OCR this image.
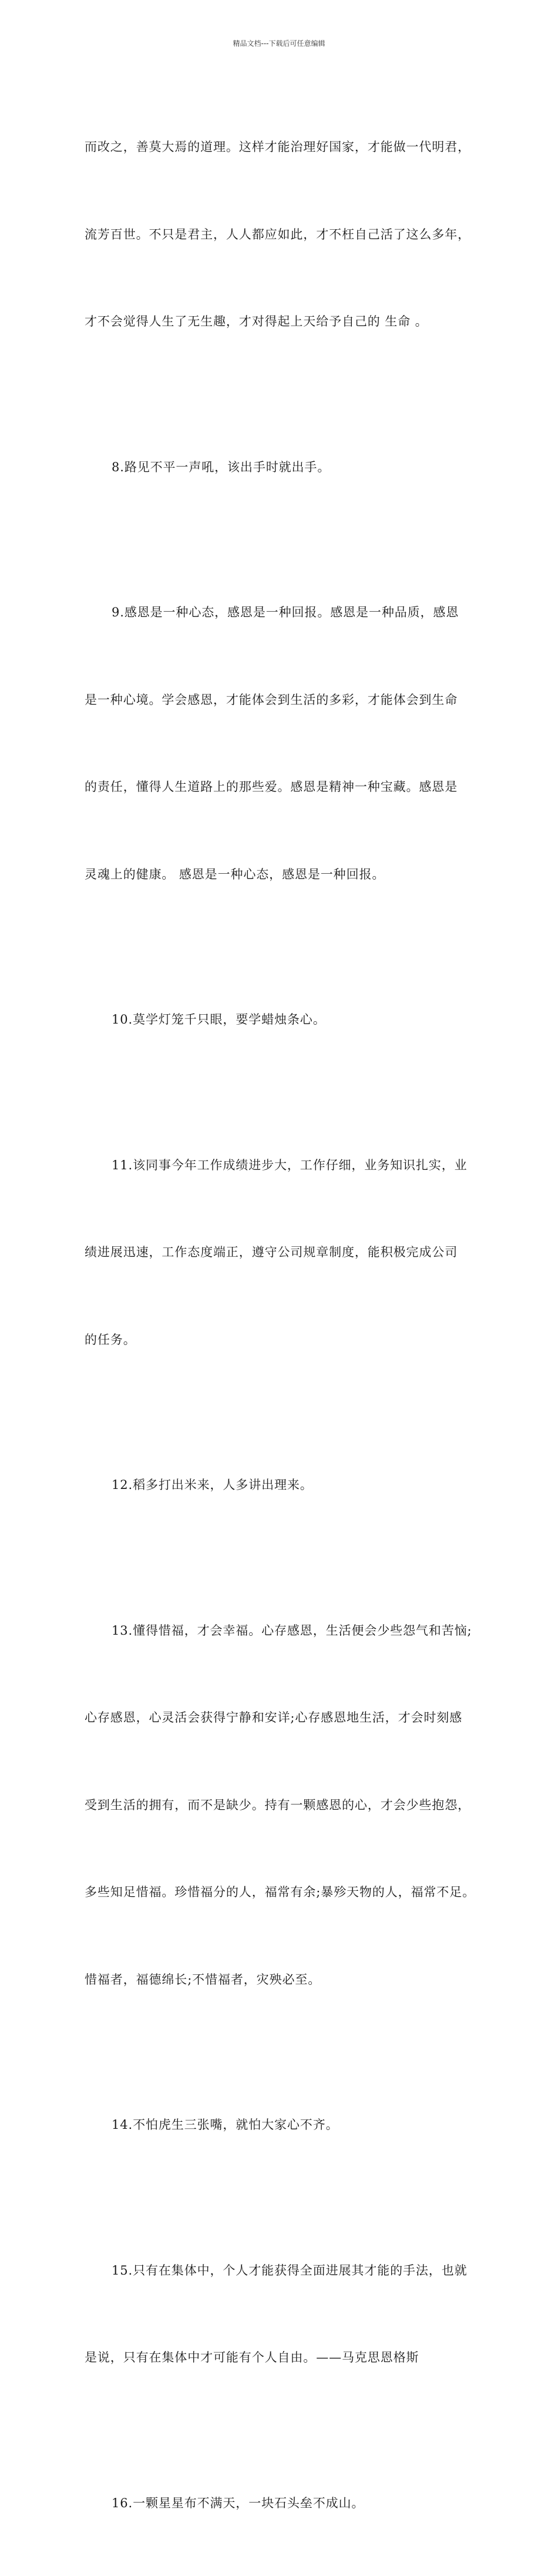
精品文档---下载后可任意编辑

而改之，善莫大焉的道理。这样才能治理好国家，才能做一代明君，

流芳百世。不只是君主，人人都应如此，才不枉自己活了这么多年，

才不会觉得人生了无生趣，才对得起上天给予自己的 生命 。

8.路见不平一声吼，该出手时就出手。

9.感恩是一种心态，感恩是一种回报。感恩是一种品质，感恩

是一种心境。学会感恩，才能体会到生活的多彩，才能体会到生命

的责任，懂得人生道路上的那些爱。感恩是精神一种宝藏。感恩是

灵魂上的健康。 感恩是一种心态，感恩是一种回报。

10.莫学灯笼千只眼，要学蜡烛条心。

11.该同事今年工作成绩进步大，工作仔细，业务知识扎实，业

绩进展迅速，工作态度端正，遵守公司规章制度，能积极完成公司

的任务。

12.稻多打出米来，人多讲出理来。

13.懂得惜福，才会幸福。心存感恩，生活便会少些怨气和苦恼;

心存感恩，心灵活会获得宁静和安详;心存感恩地生活，才会时刻感

受到生活的拥有，而不是缺少。持有一颗感恩的心，才会少些抱怨，

多些知足惜福。珍惜福分的人，福常有余;暴殄天物的人，福常不足。

惜福者，福德绵长;不惜福者，灾殃必至。

14.不怕虎生三张嘴，就怕大家心不齐。

15.只有在集体中，个人才能获得全面进展其才能的手法，也就

是说，只有在集体中才可能有个人自由。——马克思恩格斯

16.一颗星星布不满天，一块石头垒不成山。
